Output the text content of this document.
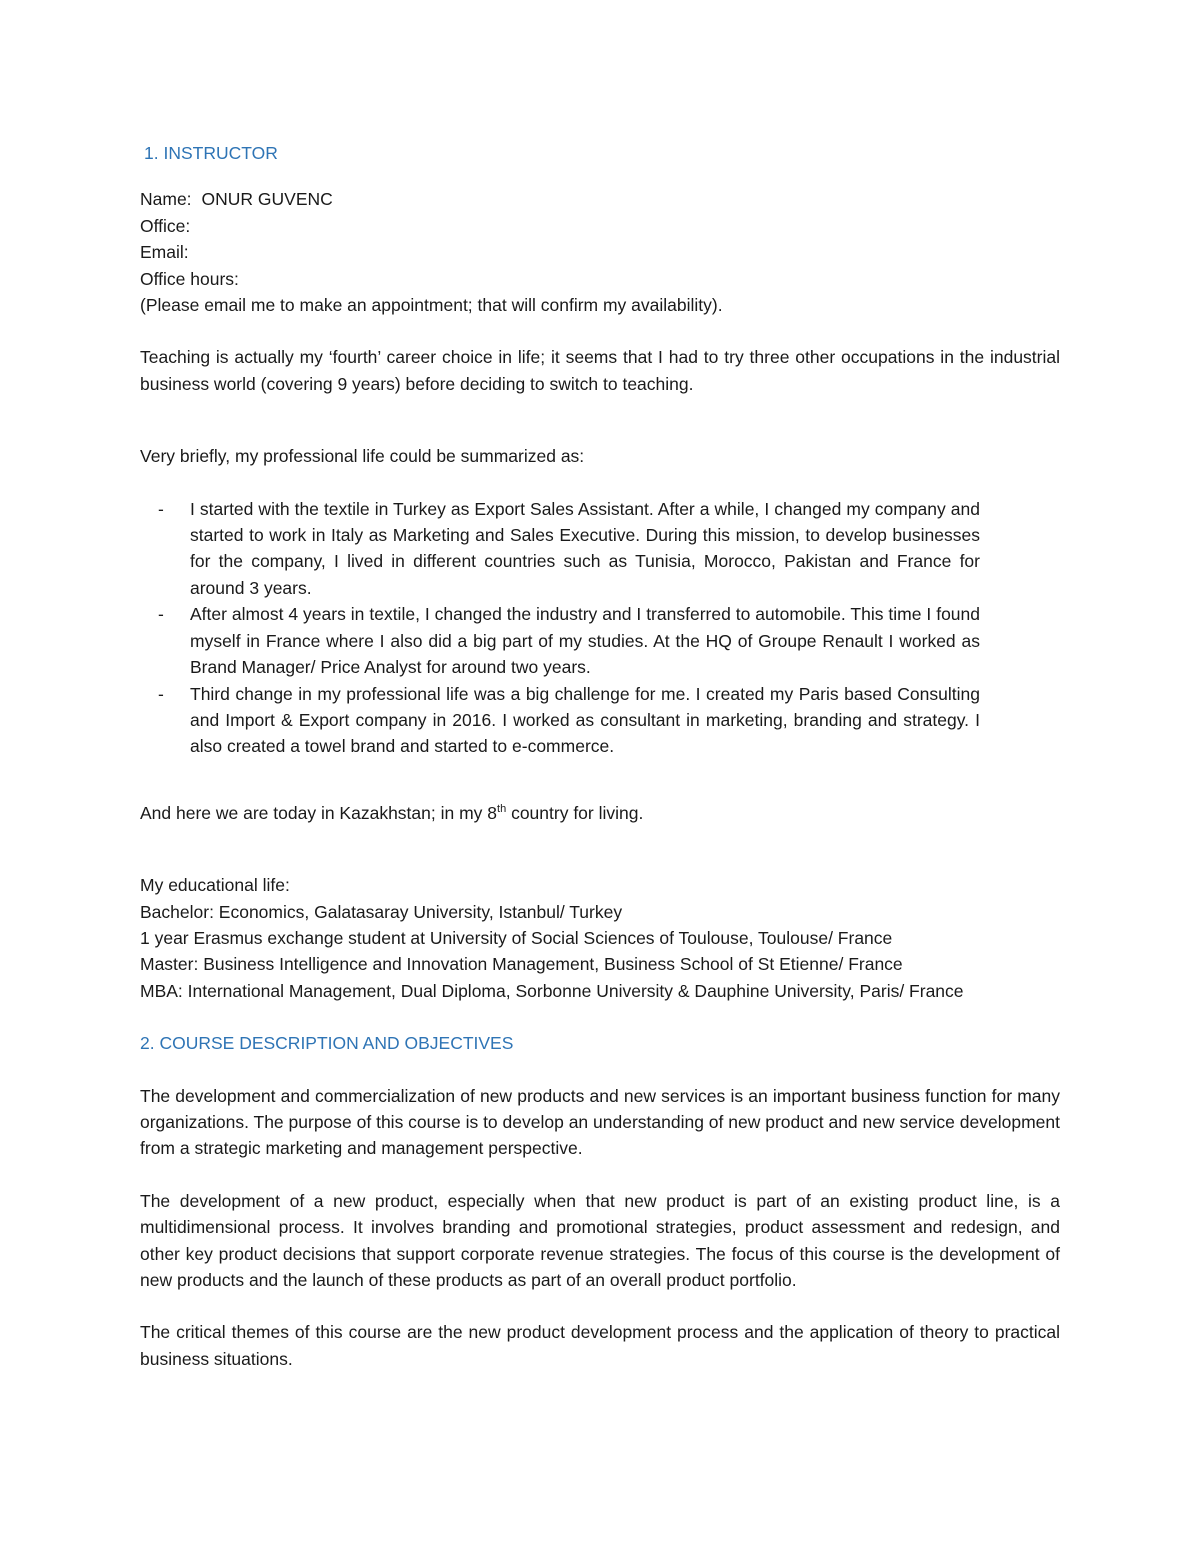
1. INSTRUCTOR

Name: ONUR GUVENC

Office:

Email:

Office hours:

(Please email me to make an appointment; that will confirm my availability).

Teaching is actually my ‘fourth’ career choice in life; it seems that I had to try three other occupations in the industrial business world (covering 9 years) before deciding to switch to teaching.

Very briefly, my professional life could be summarized as:

- I started with the textile in Turkey as Export Sales Assistant. After a while, I changed my company and started to work in Italy as Marketing and Sales Executive. During this mission, to develop businesses for the company, I lived in different countries such as Tunisia, Morocco, Pakistan and France for around 3 years.
- After almost 4 years in textile, I changed the industry and I transferred to automobile. This time I found myself in France where I also did a big part of my studies. At the HQ of Groupe Renault I worked as Brand Manager/ Price Analyst for around two years.
- Third change in my professional life was a big challenge for me. I created my Paris based Consulting and Import & Export company in 2016. I worked as consultant in marketing, branding and strategy. I also created a towel brand and started to e-commerce.

And here we are today in Kazakhstan; in my 8th country for living.

My educational life:

Bachelor: Economics, Galatasaray University, Istanbul/ Turkey

1 year Erasmus exchange student at University of Social Sciences of Toulouse, Toulouse/ France

Master: Business Intelligence and Innovation Management, Business School of St Etienne/ France

MBA: International Management, Dual Diploma, Sorbonne University & Dauphine University, Paris/ France

2. COURSE DESCRIPTION AND OBJECTIVES

The development and commercialization of new products and new services is an important business function for many organizations. The purpose of this course is to develop an understanding of new product and new service development from a strategic marketing and management perspective.

The development of a new product, especially when that new product is part of an existing product line, is a multidimensional process. It involves branding and promotional strategies, product assessment and redesign, and other key product decisions that support corporate revenue strategies. The focus of this course is the development of new products and the launch of these products as part of an overall product portfolio.

The critical themes of this course are the new product development process and the application of theory to practical business situations.
